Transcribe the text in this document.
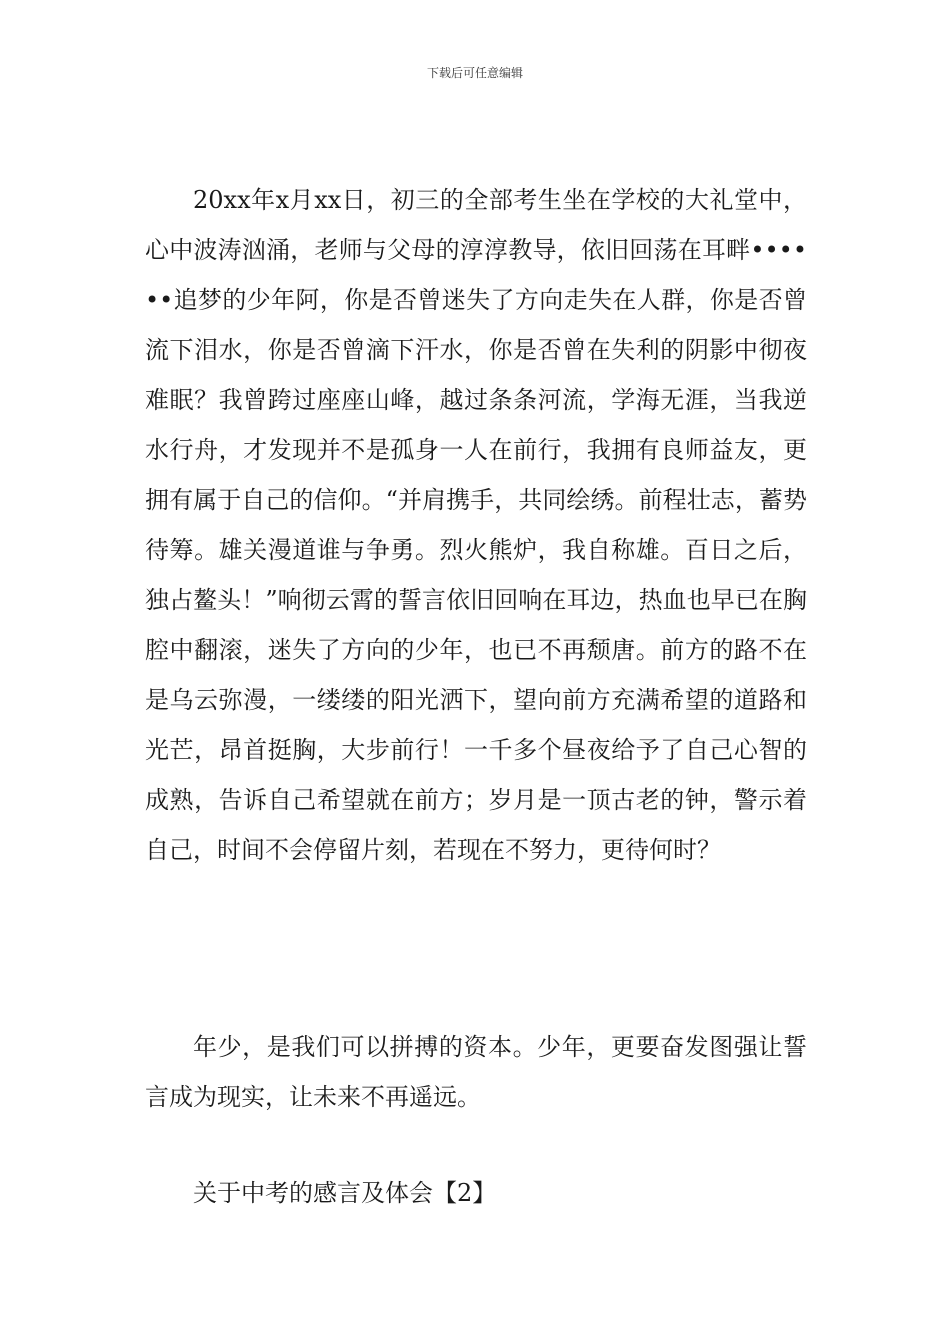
下载后可任意编辑

20xx年x月xx日，初三的全部考生坐在学校的大礼堂中，心中波涛汹涌，老师与父母的淳淳教导，依旧回荡在耳畔••••••追梦的少年阿，你是否曾迷失了方向走失在人群，你是否曾流下泪水，你是否曾滴下汗水，你是否曾在失利的阴影中彻夜难眠？我曾跨过座座山峰，越过条条河流，学海无涯，当我逆水行舟，才发现并不是孤身一人在前行，我拥有良师益友，更拥有属于自己的信仰。“并肩携手，共同绘绣。前程壮志，蓄势待筹。雄关漫道谁与争勇。烈火熊炉，我自称雄。百日之后，独占鳌头！”响彻云霄的誓言依旧回响在耳边，热血也早已在胸腔中翻滚，迷失了方向的少年，也已不再颓唐。前方的路不在是乌云弥漫，一缕缕的阳光洒下，望向前方充满希望的道路和光芒，昂首挺胸，大步前行！一千多个昼夜给予了自己心智的成熟，告诉自己希望就在前方；岁月是一顶古老的钟，警示着自己，时间不会停留片刻，若现在不努力，更待何时？

年少，是我们可以拼搏的资本。少年，更要奋发图强让誓言成为现实，让未来不再遥远。

关于中考的感言及体会【2】
